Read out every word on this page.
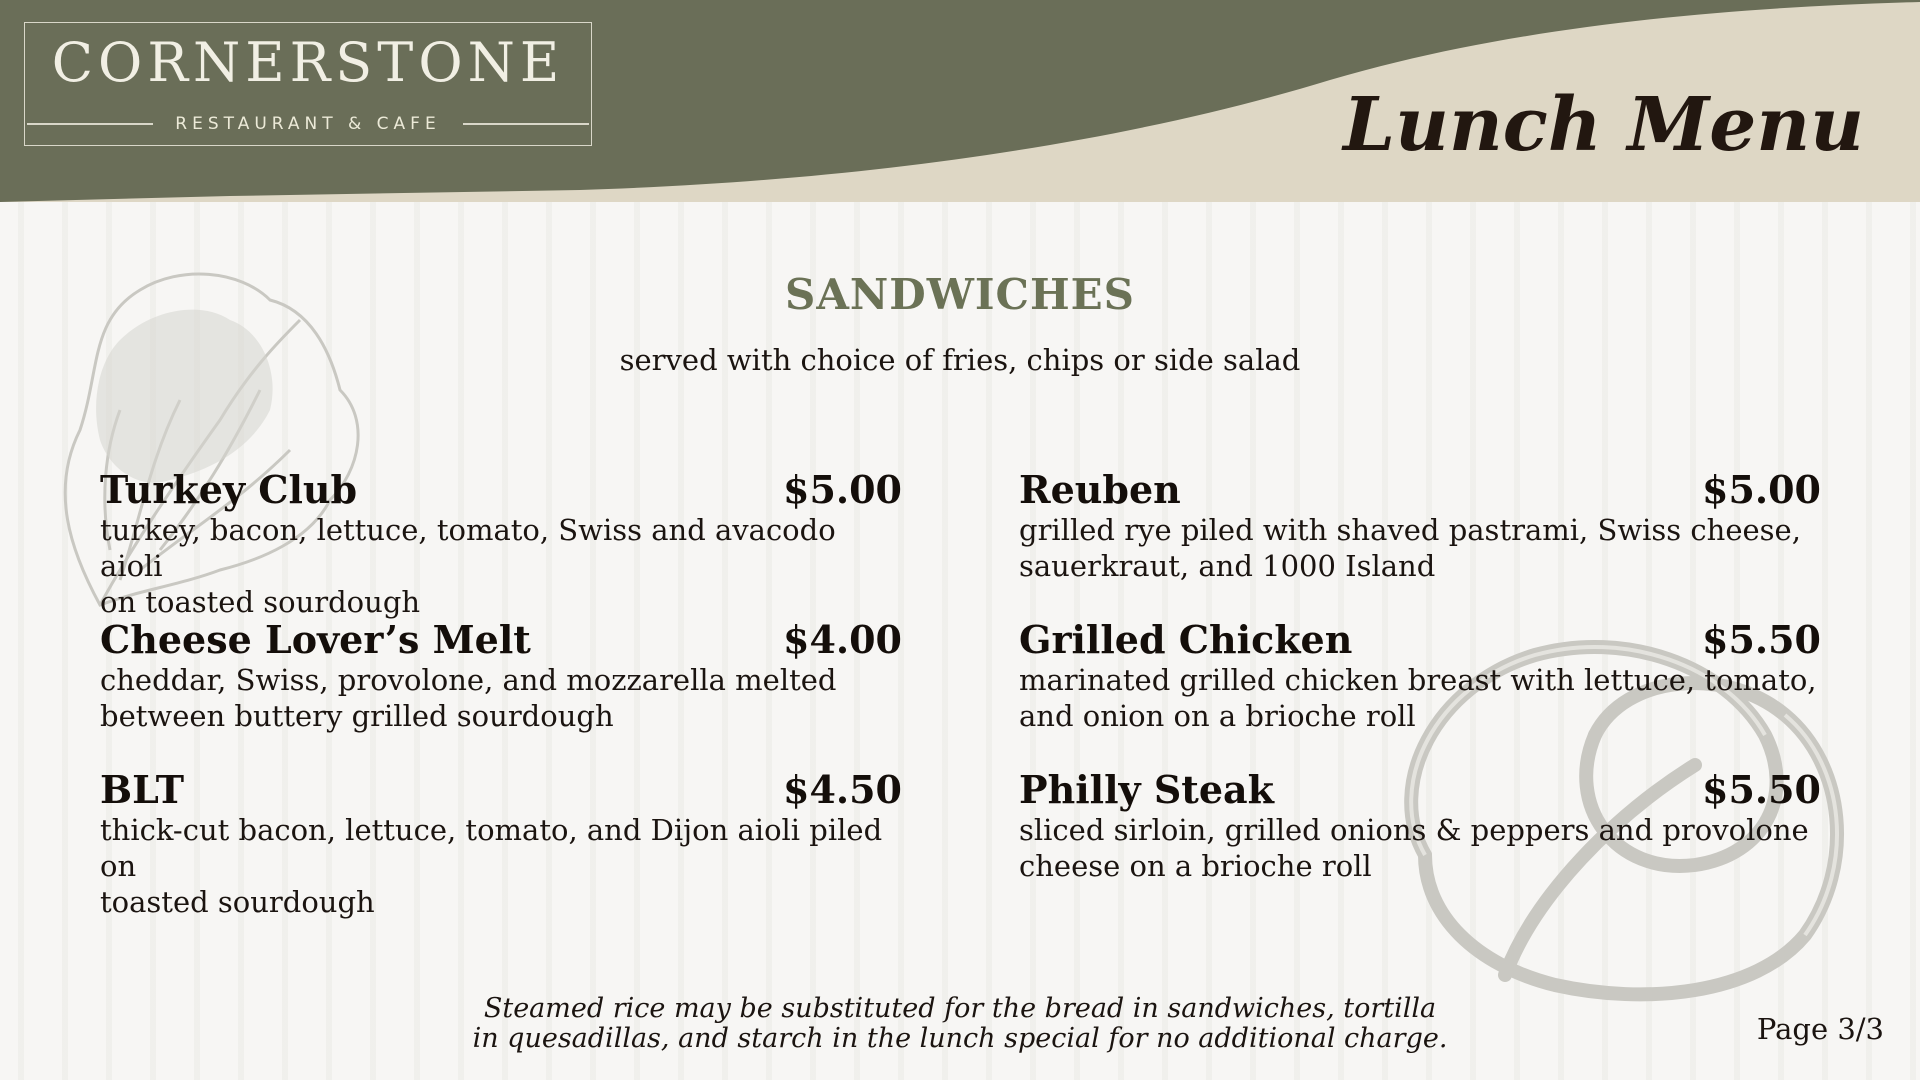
CORNERSTONE
RESTAURANT & CAFE	Lunch Menu
SANDWICHES
served with choice of fries, chips or side salad
Turkey Club	$5.00
turkey, bacon, lettuce, tomato, Swiss and avacodo aioli
on toasted sourdough
Cheese Lover’s Melt	$4.00
cheddar, Swiss, provolone, and mozzarella melted
between buttery grilled sourdough
BLT	$4.50
thick-cut bacon, lettuce, tomato, and Dijon aioli piled on
toasted sourdough
Reuben	$5.00
grilled rye piled with shaved pastrami, Swiss cheese,
sauerkraut, and 1000 Island
Grilled Chicken	$5.50
marinated grilled chicken breast with lettuce, tomato,
and onion on a brioche roll
Philly Steak	$5.50
sliced sirloin, grilled onions & peppers and provolone
cheese on a brioche roll
Steamed rice may be substituted for the bread in sandwiches, tortilla
in quesadillas, and starch in the lunch special for no additional charge.	Page 3/3
